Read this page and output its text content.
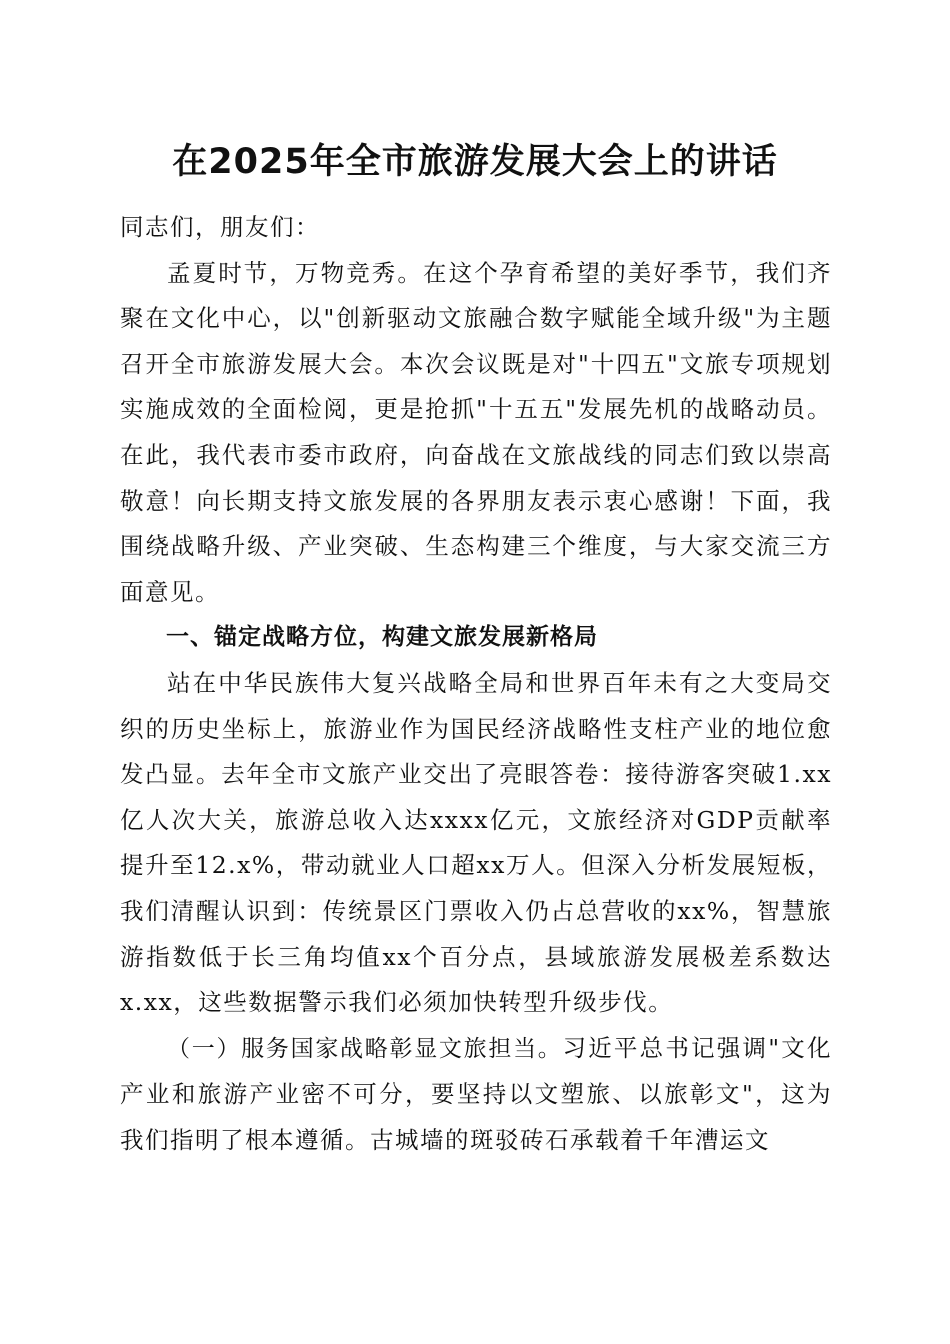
在2025年全市旅游发展大会上的讲话

同志们，朋友们：

孟夏时节，万物竞秀。在这个孕育希望的美好季节，我们齐聚在文化中心，以"创新驱动文旅融合数字赋能全域升级"为主题召开全市旅游发展大会。本次会议既是对"十四五"文旅专项规划实施成效的全面检阅，更是抢抓"十五五"发展先机的战略动员。在此，我代表市委市政府，向奋战在文旅战线的同志们致以崇高敬意！向长期支持文旅发展的各界朋友表示衷心感谢！下面，我围绕战略升级、产业突破、生态构建三个维度，与大家交流三方面意见。

一、锚定战略方位，构建文旅发展新格局

站在中华民族伟大复兴战略全局和世界百年未有之大变局交织的历史坐标上，旅游业作为国民经济战略性支柱产业的地位愈发凸显。去年全市文旅产业交出了亮眼答卷：接待游客突破1.xx亿人次大关，旅游总收入达xxxx亿元，文旅经济对GDP贡献率提升至12.x%，带动就业人口超xx万人。但深入分析发展短板，我们清醒认识到：传统景区门票收入仍占总营收的xx%，智慧旅游指数低于长三角均值xx个百分点，县域旅游发展极差系数达x.xx，这些数据警示我们必须加快转型升级步伐。

（一）服务国家战略彰显文旅担当。习近平总书记强调"文化产业和旅游产业密不可分，要坚持以文塑旅、以旅彰文"，这为我们指明了根本遵循。古城墙的斑驳砖石承载着千年漕运文
